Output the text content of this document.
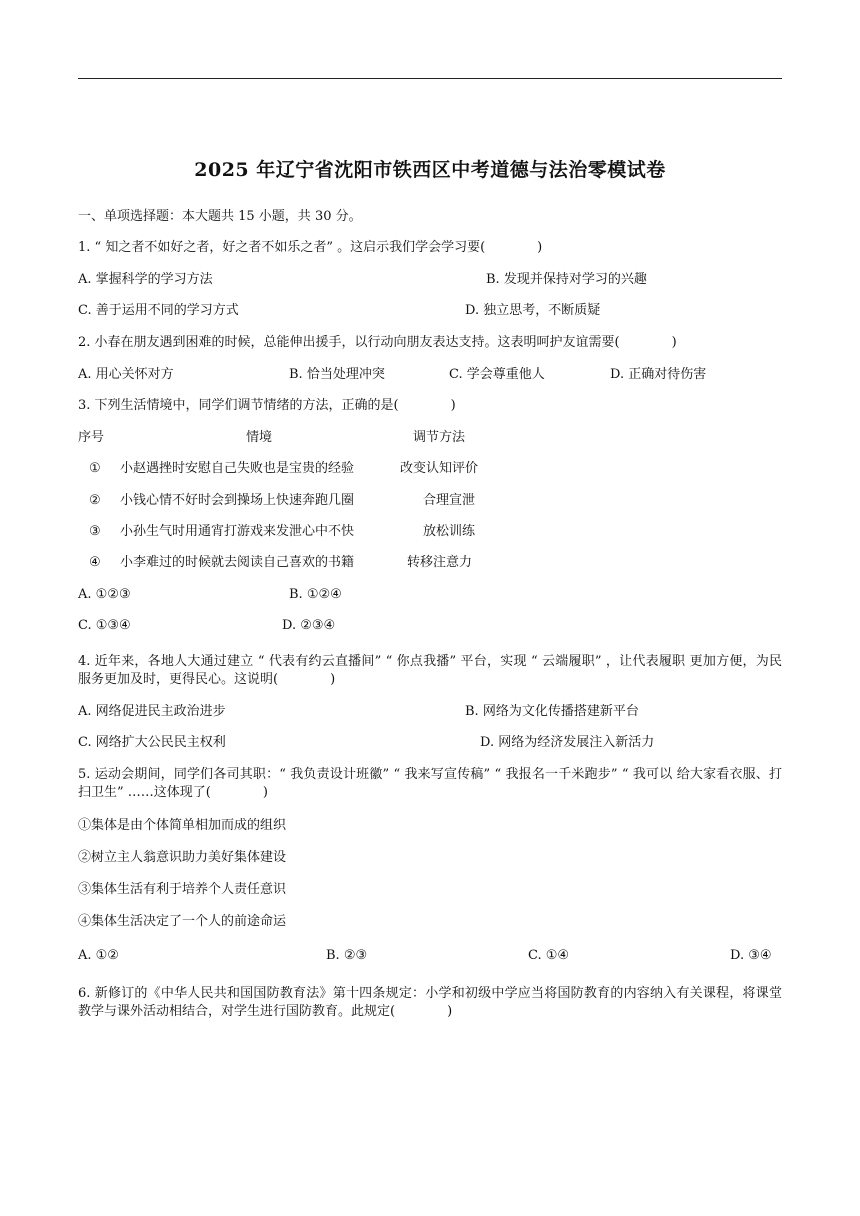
2025 年辽宁省沈阳市铁西区中考道德与法治零模试卷
一、单项选择题：本大题共 15 小题，共 30 分。
1. “ 知之者不如好之者，好之者不如乐之者” 。这启示我们学会学习要(　　　　)
A. 掌握科学的学习方法	B. 发现并保持对学习的兴趣
C. 善于运用不同的学习方式	D. 独立思考，不断质疑
2. 小春在朋友遇到困难的时候，总能伸出援手，以行动向朋友表达支持。这表明呵护友谊需要(　　　　)
A. 用心关怀对方	B. 恰当处理冲突	C. 学会尊重他人	D. 正确对待伤害
3. 下列生活情境中，同学们调节情绪的方法，正确的是(　　　　)
序号	情境	调节方法
① 小赵遇挫时安慰自己失败也是宝贵的经验	改变认知评价
② 小钱心情不好时会到操场上快速奔跑几圈	合理宣泄
③ 小孙生气时用通宵打游戏来发泄心中不快	放松训练
④ 小李难过的时候就去阅读自己喜欢的书籍	转移注意力
A. ①②③	B. ①②④
C. ①③④	D. ②③④
4. 近年来，各地人大通过建立 “ 代表有约云直播间” “ 你点我播” 平台，实现 “ 云端履职” ，让代表履职 更加方便，为民服务更加及时，更得民心。这说明(　　　　)
A. 网络促进民主政治进步	B. 网络为文化传播搭建新平台
C. 网络扩大公民民主权利	D. 网络为经济发展注入新活力
5. 运动会期间，同学们各司其职：“ 我负责设计班徽” “ 我来写宣传稿” “ 我报名一千米跑步” “ 我可以 给大家看衣服、打扫卫生” ……这体现了(　　　　)
①集体是由个体简单相加而成的组织
②树立主人翁意识助力美好集体建设
③集体生活有利于培养个人责任意识
④集体生活决定了一个人的前途命运
A. ①②	B. ②③	C. ①④	D. ③④
6. 新修订的《中华人民共和国国防教育法》第十四条规定：小学和初级中学应当将国防教育的内容纳入有关课程，将课堂教学与课外活动相结合，对学生进行国防教育。此规定(　　　　)
